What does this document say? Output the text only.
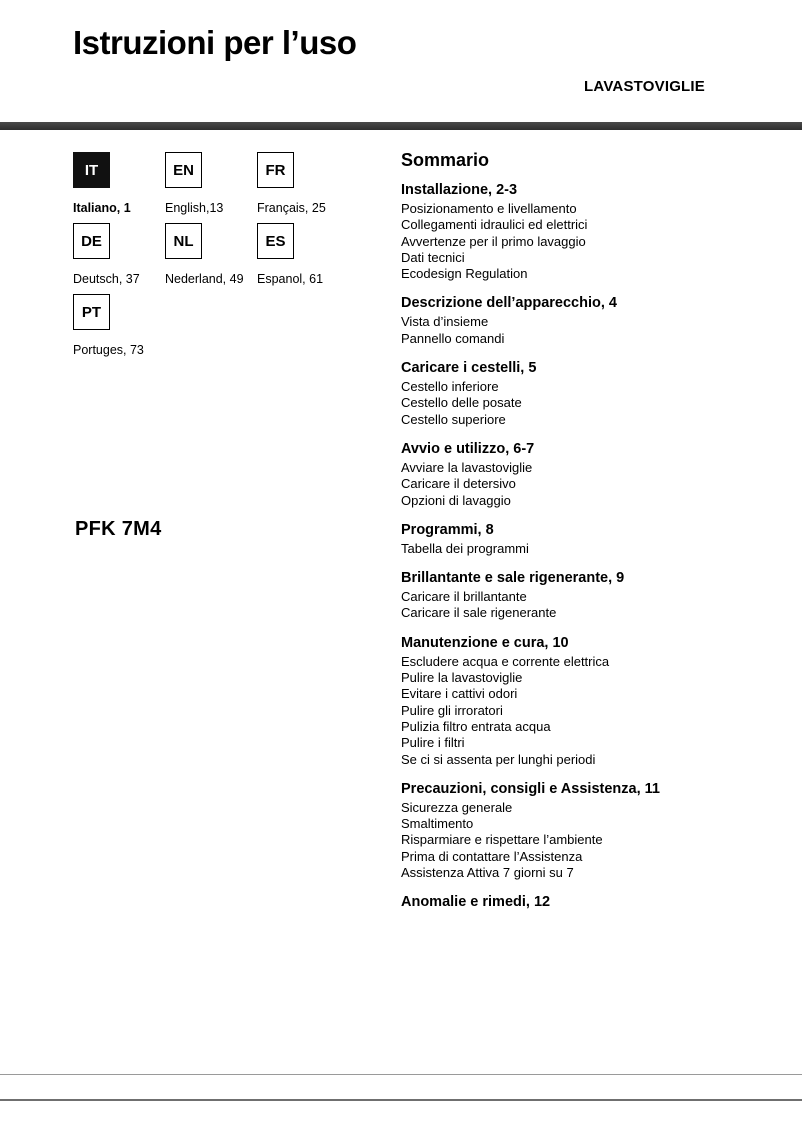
Istruzioni per l’uso
LAVASTOVIGLIE
IT
Italiano, 1
EN
English,13
FR
Français, 25
DE
Deutsch, 37
NL
Nederland, 49
ES
Espanol, 61
PT
Portuges, 73
PFK 7M4
Sommario
Installazione, 2-3
Posizionamento e livellamento
Collegamenti idraulici ed elettrici
Avvertenze per il primo lavaggio
Dati tecnici
Ecodesign Regulation
Descrizione dell’apparecchio, 4
Vista d’insieme
Pannello comandi
Caricare i cestelli, 5
Cestello inferiore
Cestello delle posate
Cestello superiore
Avvio e utilizzo, 6-7
Avviare la lavastoviglie
Caricare il detersivo
Opzioni di lavaggio
Programmi, 8
Tabella dei programmi
Brillantante e sale rigenerante, 9
Caricare il brillantante
Caricare il sale rigenerante
Manutenzione e cura, 10
Escludere acqua e corrente elettrica
Pulire la lavastoviglie
Evitare i cattivi odori
Pulire gli irroratori
Pulizia filtro entrata acqua
Pulire i filtri
Se ci si assenta per lunghi periodi
Precauzioni, consigli e Assistenza, 11
Sicurezza generale
Smaltimento
Risparmiare e rispettare l’ambiente
Prima di contattare l’Assistenza
Assistenza Attiva 7 giorni su 7
Anomalie e rimedi, 12
